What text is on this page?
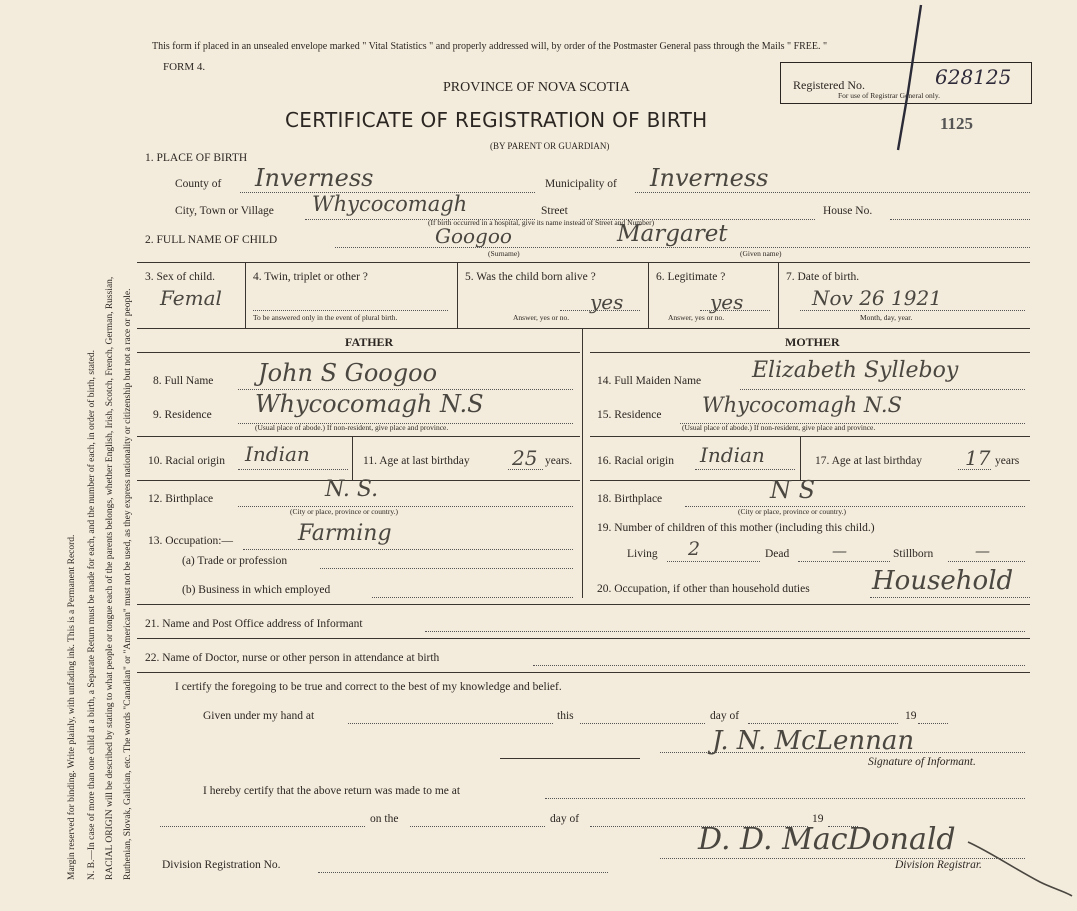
Margin reserved for binding. Write plainly, with unfading ink. This is a Permanent Record. N. B.—In case of more than one child at a birth, a Separate Return must be made for each, and the number of each, in order of birth, stated. RACIAL ORIGIN will be described by stating to what people or tongue each of the parents belongs, whether English, Irish, Scotch, French, German, Russian, Ruthenian, Slovak, Galician, etc. The words "Canadian" or "American" must not be used, as they express nationality or citizenship but not a race or people.
This form if placed in an unsealed envelope marked " Vital Statistics " and properly addressed will, by order of the Postmaster General pass through the Mails " FREE. "
FORM 4.
PROVINCE OF NOVA SCOTIA
CERTIFICATE OF REGISTRATION OF BIRTH
(BY PARENT OR GUARDIAN)
Registered No.	628125
For use of Registrar General only.
1125
1. PLACE OF BIRTH
County of Inverness	Municipality of Inverness
City, Town or Village Whycocomagh	Street	House No.
(If birth occurred in a hospital, give its name instead of Street and Number)
2. FULL NAME OF CHILD	Googoo	Margaret
(Surname)	(Given name)
3. Sex of child.
Femal
4. Twin, triplet or other ?
To be answered only in the event of plural birth.
5. Was the child born alive ?
yes
Answer, yes or no.
6. Legitimate ?
yes
Answer, yes or no.
7. Date of birth.
Nov 26 1921
Month, day, year.
FATHER	MOTHER
8. Full Name John S Googoo
9. Residence Whycocomagh N.S
(Usual place of abode.) If non-resident, give place and province.
10. Racial origin Indian	11. Age at last birthday 25 years.
12. Birthplace	N. S.
(City or place, province or country.)
13. Occupation:—	Farming
(a) Trade or profession
(b) Business in which employed
14. Full Maiden Name Elizabeth Sylleboy
15. Residence Whycocomagh N.S
(Usual place of abode.) If non-resident, give place and province.
16. Racial origin Indian	17. Age at last birthday 17 years
18. Birthplace	N S
(City or place, province or country.)
19. Number of children of this mother (including this child.)
Living 2	Dead	—	Stillborn	—
20. Occupation, if other than household duties Household
21. Name and Post Office address of Informant
22. Name of Doctor, nurse or other person in attendance at birth
I certify the foregoing to be true and correct to the best of my knowledge and belief.
Given under my hand at	this	day of	19
J. N. McLennan
Signature of Informant.
I hereby certify that the above return was made to me at
on the	day of	19
D. D. MacDonald
Division Registration No.	Division Registrar.
